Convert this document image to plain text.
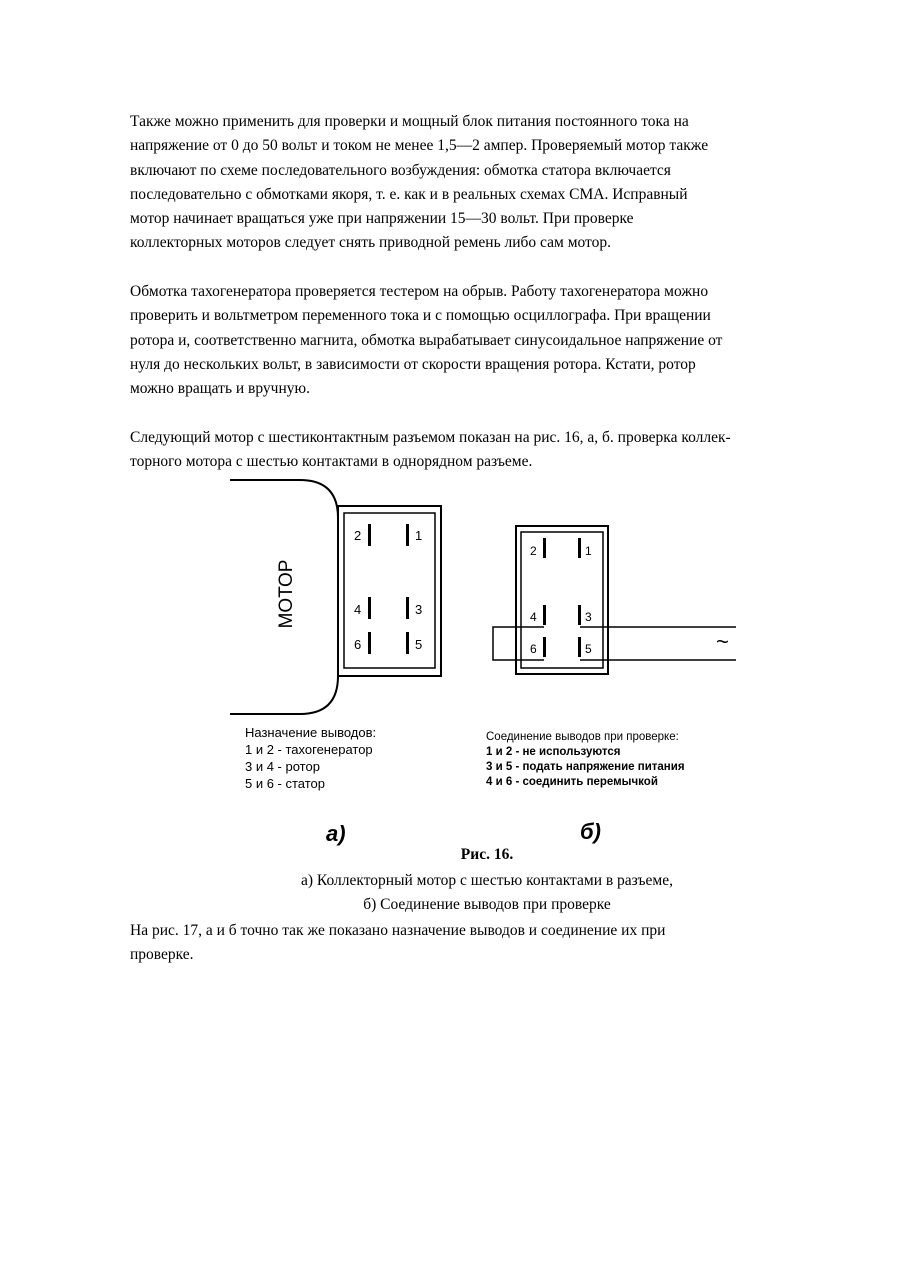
Также можно применить для проверки и мощный блок питания постоянного тока на
напряжение от 0 до 50 вольт и током не менее 1,5—2 ампер. Проверяемый мотор также
включают по схеме последовательного возбуждения: обмотка статора включается
последовательно с обмотками якоря, т. е. как и в реальных схемах СМА. Исправный
мотор начинает вращаться уже при напряжении 15—30 вольт. При проверке
коллекторных моторов следует снять приводной ремень либо сам мотор.
Обмотка тахогенератора проверяется тестером на обрыв. Работу тахогенератора можно
проверить и вольтметром переменного тока и с помощью осциллографа. При вращении
ротора и, соответственно магнита, обмотка вырабатывает синусоидальное напряжение от
нуля до нескольких вольт, в зависимости от скорости вращения ротора. Кстати, ротор
можно вращать и вручную.
Следующий мотор с шестиконтактным разъемом показан на рис. 16, а, б. проверка коллек-
торного мотора с шестью контактами в однорядном разъеме.
МОТОР
2	1
4	3
6	5
2	1
4	3
6	5	~
Назначение выводов:
1 и 2 - тахогенератор
3 и 4 - ротор
5 и 6 - статор
Соединение выводов при проверке:
1 и 2 - не используются
3 и 5 - подать напряжение питания
4 и 6 - соединить перемычкой
а)	б)

Рис. 16.

а) Коллекторный мотор с шестью контактами в разъеме,

б) Соединение выводов при проверке

На рис. 17, а и б точно так же показано назначение выводов и соединение их при
проверке.
